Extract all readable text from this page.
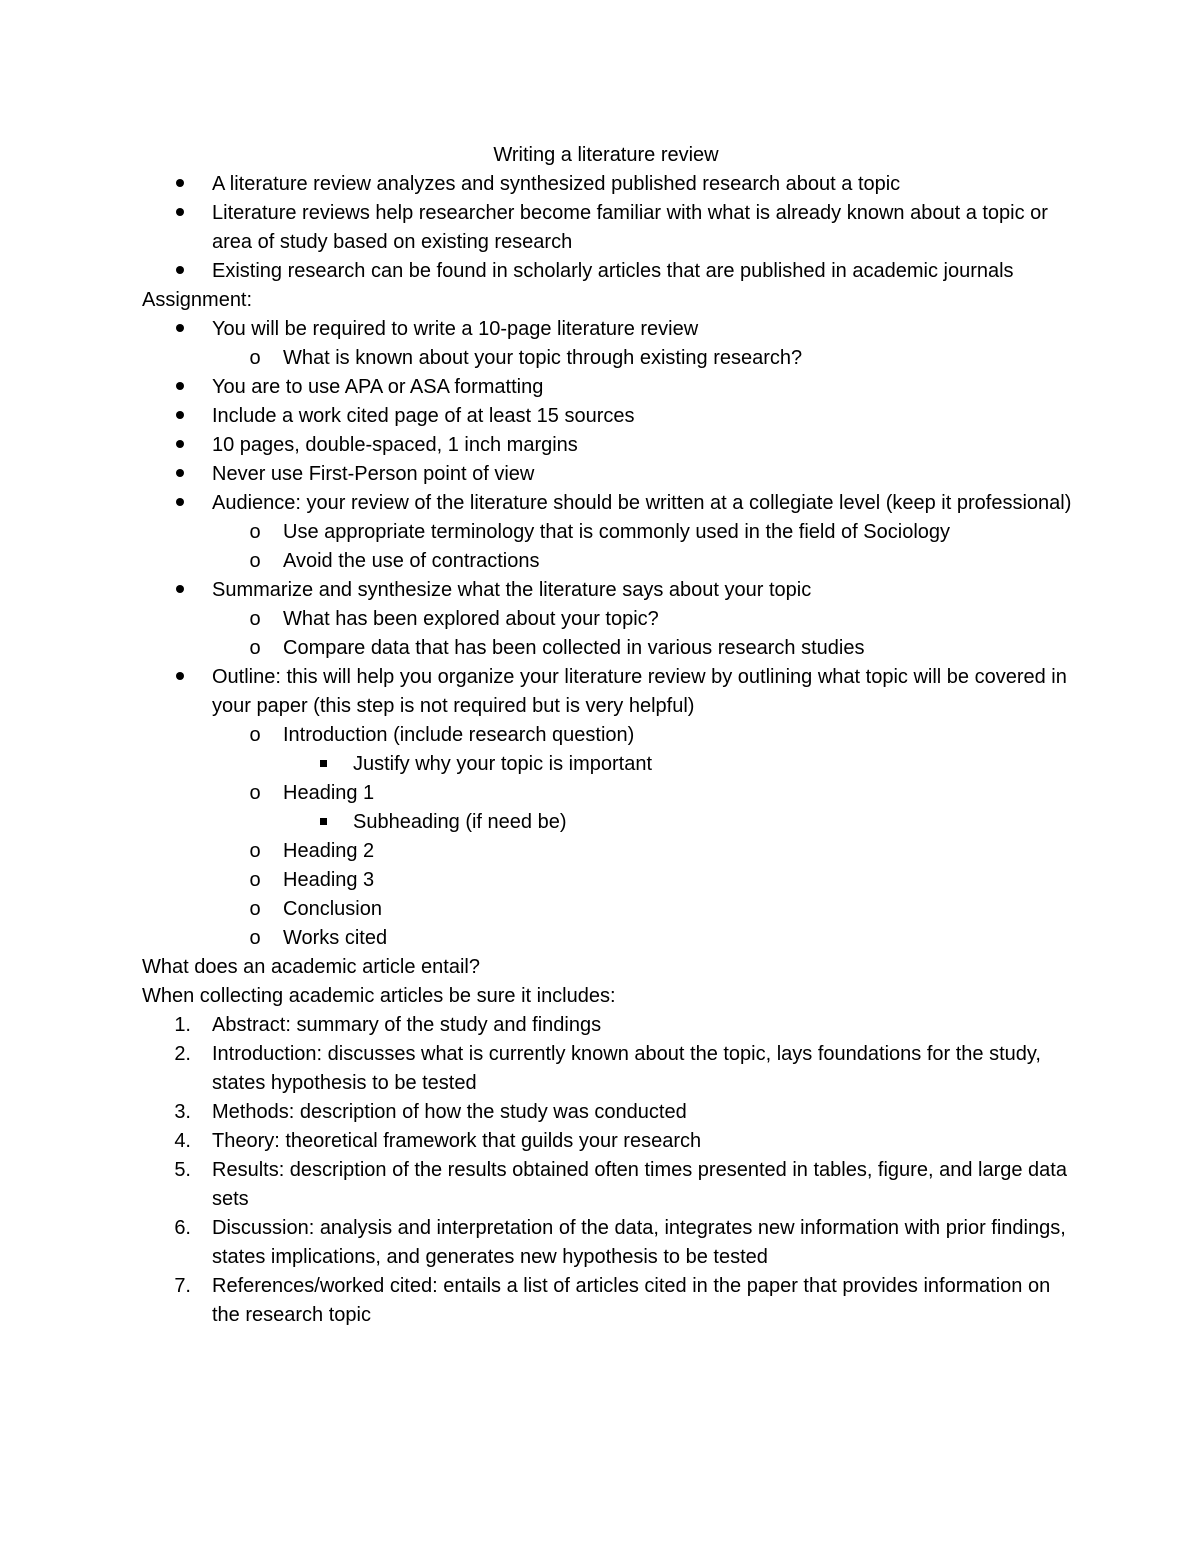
Writing a literature review
A literature review analyzes and synthesized published research about a topic
Literature reviews help researcher become familiar with what is already known about a topic or area of study based on existing research
Existing research can be found in scholarly articles that are published in academic journals
Assignment:
You will be required to write a 10-page literature review
o	What is known about your topic through existing research?
You are to use APA or ASA formatting
Include a work cited page of at least 15 sources
10 pages, double-spaced, 1 inch margins
Never use First-Person point of view
Audience: your review of the literature should be written at a collegiate level (keep it professional)
o	Use appropriate terminology that is commonly used in the field of Sociology
o	Avoid the use of contractions
Summarize and synthesize what the literature says about your topic
o	What has been explored about your topic?
o	Compare data that has been collected in various research studies
Outline: this will help you organize your literature review by outlining what topic will be covered in your paper (this step is not required but is very helpful)
o	Introduction (include research question)
Justify why your topic is important
o	Heading 1
Subheading (if need be)
o	Heading 2
o	Heading 3
o	Conclusion
o	Works cited
What does an academic article entail?
When collecting academic articles be sure it includes:
1. Abstract: summary of the study and findings
2. Introduction: discusses what is currently known about the topic, lays foundations for the study, states hypothesis to be tested
3. Methods: description of how the study was conducted
4. Theory: theoretical framework that guilds your research
5. Results: description of the results obtained often times presented in tables, figure, and large data sets
6. Discussion: analysis and interpretation of the data, integrates new information with prior findings, states implications, and generates new hypothesis to be tested
7. References/worked cited: entails a list of articles cited in the paper that provides information on the research topic
